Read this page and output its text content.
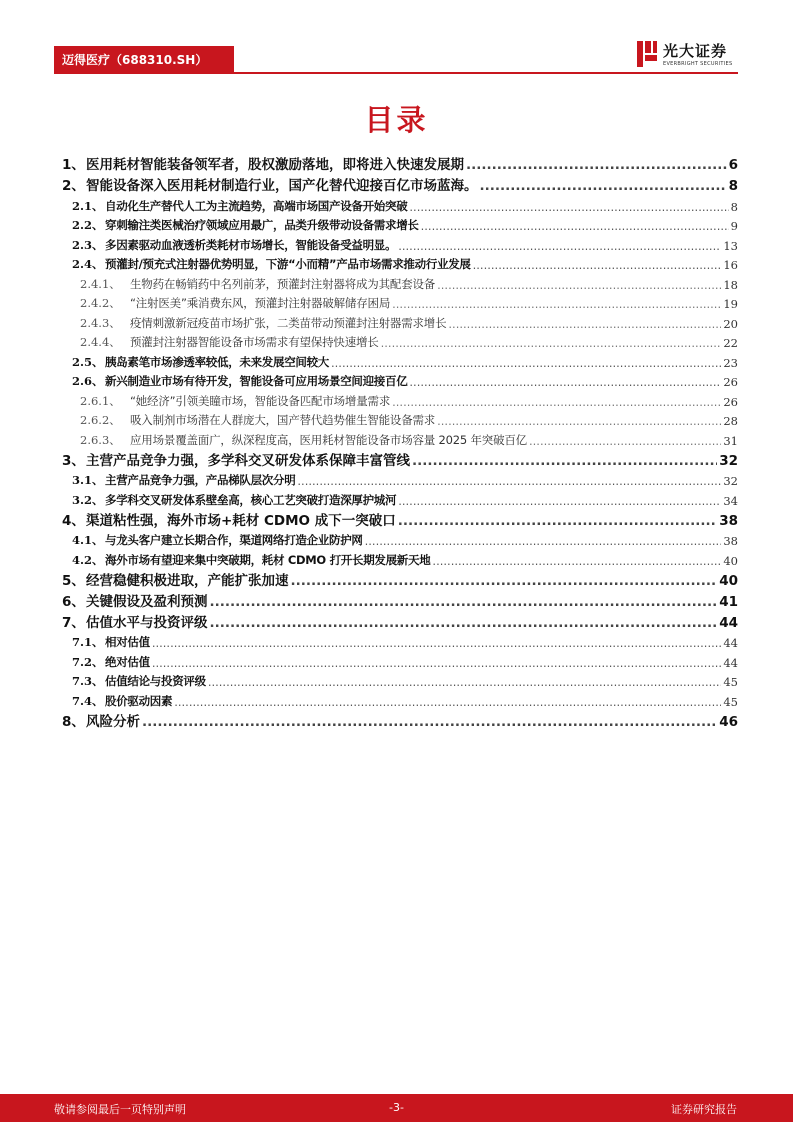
迈得医疗（688310.SH）	光大证券
EVERBRIGHT SECURITIES
目录
1、 医用耗材智能装备领军者，股权激励落地，即将进入快速发展期 .....	6
2、 智能设备深入医用耗材制造行业，国产化替代迎接百亿市场蓝海。 .....	8
2.1、 自动化生产替代人工为主流趋势，高端市场国产设备开始突破 .....	8
2.2、 穿刺输注类医械治疗领域应用最广，品类升级带动设备需求增长 .....	9
2.3、 多因素驱动血液透析类耗材市场增长，智能设备受益明显。 .....	13
2.4、 预灌封/预充式注射器优势明显，下游“小而精”产品市场需求推动行业发展 .....	16
2.4.1、 生物药在畅销药中名列前茅，预灌封注射器将成为其配套设备 .....	18
2.4.2、 “注射医美”乘消费东风，预灌封注射器破解储存困局 .....	19
2.4.3、 疫情刺激新冠疫苗市场扩张，二类苗带动预灌封注射器需求增长 .....	20
2.4.4、 预灌封注射器智能设备市场需求有望保持快速增长 .....	22
2.5、 胰岛素笔市场渗透率较低，未来发展空间较大 .....	23
2.6、 新兴制造业市场有待开发，智能设备可应用场景空间迎接百亿 .....	26
2.6.1、 “她经济”引领美瞳市场，智能设备匹配市场增量需求 .....	26
2.6.2、 吸入制剂市场潜在人群庞大，国产替代趋势催生智能设备需求 .....	28
2.6.3、 应用场景覆盖面广，纵深程度高，医用耗材智能设备市场容量 2025 年突破百亿 .....	31
3、 主营产品竞争力强，多学科交叉研发体系保障丰富管线 .....	32
3.1、 主营产品竞争力强，产品梯队层次分明 .....	32
3.2、 多学科交叉研发体系壁垒高，核心工艺突破打造深厚护城河 .....	34
4、 渠道粘性强，海外市场+耗材 CDMO 成下一突破口 .....	38
4.1、 与龙头客户建立长期合作，渠道网络打造企业防护网 .....	38
4.2、 海外市场有望迎来集中突破期，耗材 CDMO 打开长期发展新天地 .....	40
5、 经营稳健积极进取，产能扩张加速 .....	40
6、 关键假设及盈利预测 .....	41
7、 估值水平与投资评级 .....	44
7.1、 相对估值 .....	44
7.2、 绝对估值 .....	44
7.3、 估值结论与投资评级 .....	45
7.4、 股价驱动因素 .....	45
8、 风险分析 .....	46
敬请参阅最后一页特别声明	-3-	证券研究报告
